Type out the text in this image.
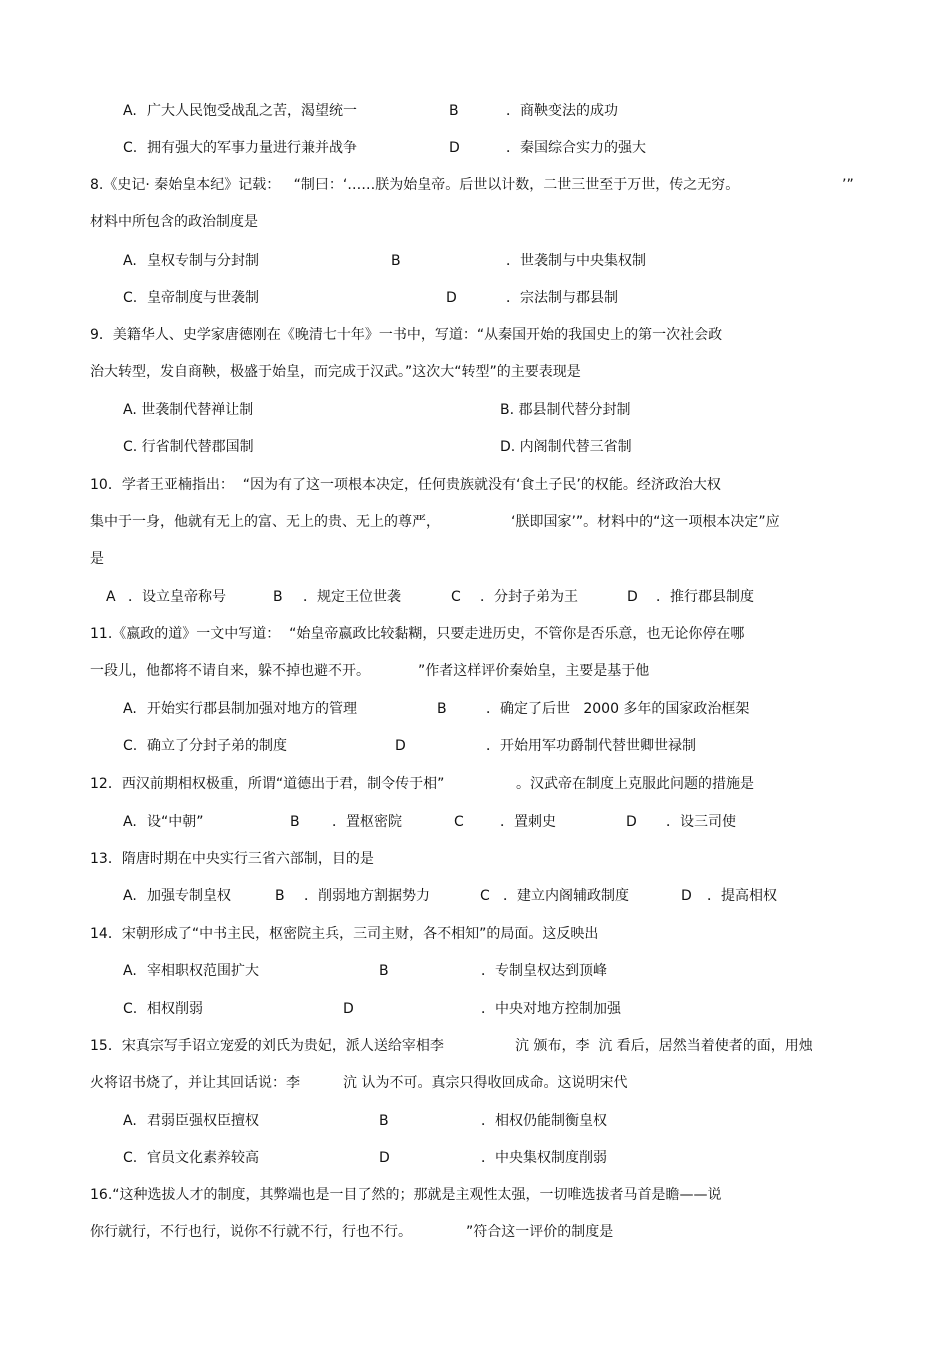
A. 广大人民饱受战乱之苦，渴望统一	B	．商鞅变法的成功
C. 拥有强大的军事力量进行兼并战争	D	．秦国综合实力的强大
8.《史记· 秦始皇本纪》记载：   “制曰：‘……朕为始皇帝。后世以计数，二世三世至于万世，传之无穷。	’”
材料中所包含的政治制度是
A. 皇权专制与分封制	B	．世袭制与中央集权制
C. 皇帝制度与世袭制	D	．宗法制与郡县制
9．美籍华人、史学家唐德刚在《晚清七十年》一书中，写道：“从秦国开始的我国史上的第一次社会政
治大转型，发自商鞅，极盛于始皇，而完成于汉武。”这次大“转型”的主要表现是
A. 世袭制代替禅让制	B. 郡县制代替分封制
C. 行省制代替郡国制	D. 内阁制代替三省制
10．学者王亚楠指出：  “因为有了这一项根本决定，任何贵族就没有‘食土子民’的权能。经济政治大权
集中于一身，他就有无上的富、无上的贵、无上的尊严，	‘朕即国家’”。材料中的“这一项根本决定”应
是
A ．设立皇帝称号	B ．规定王位世袭	C ．分封子弟为王	D ．推行郡县制度
11.《嬴政的道》一文中写道：  “始皇帝嬴政比较黏糊，只要走进历史，不管你是否乐意，也无论你停在哪
一段儿，他都将不请自来，躲不掉也避不开。	”作者这样评价秦始皇，主要是基于他
A. 开始实行郡县制加强对地方的管理	B	．确定了后世   2000 多年的国家政治框架
C. 确立了分封子弟的制度	D	．开始用军功爵制代替世卿世禄制
12．西汉前期相权极重，所谓“道德出于君，制令传于相”	。汉武帝在制度上克服此问题的措施是
A. 设“中朝”	B ．置枢密院	C	．置刺史	D ．设三司使
13．隋唐时期在中央实行三省六部制，目的是
A. 加强专制皇权	B ．削弱地方割据势力	C ．建立内阁辅政制度	D ．提高相权
14．宋朝形成了“中书主民，枢密院主兵，三司主财，各不相知”的局面。这反映出
A. 宰相职权范围扩大	B	．专制皇权达到顶峰
C. 相权削弱	D	．中央对地方控制加强
15．宋真宗写手诏立宠爱的刘氏为贵妃，派人送给宰相李	沆 颁布，李  沆 看后，居然当着使者的面，用烛
火将诏书烧了，并让其回话说：李	沆 认为不可。真宗只得收回成命。这说明宋代
A. 君弱臣强权臣擅权	B	．相权仍能制衡皇权
C. 官员文化素养较高	D	．中央集权制度削弱
16.“这种选拔人才的制度，其弊端也是一目了然的；那就是主观性太强，一切唯选拔者马首是瞻——说
你行就行，不行也行，说你不行就不行，行也不行。	”符合这一评价的制度是
